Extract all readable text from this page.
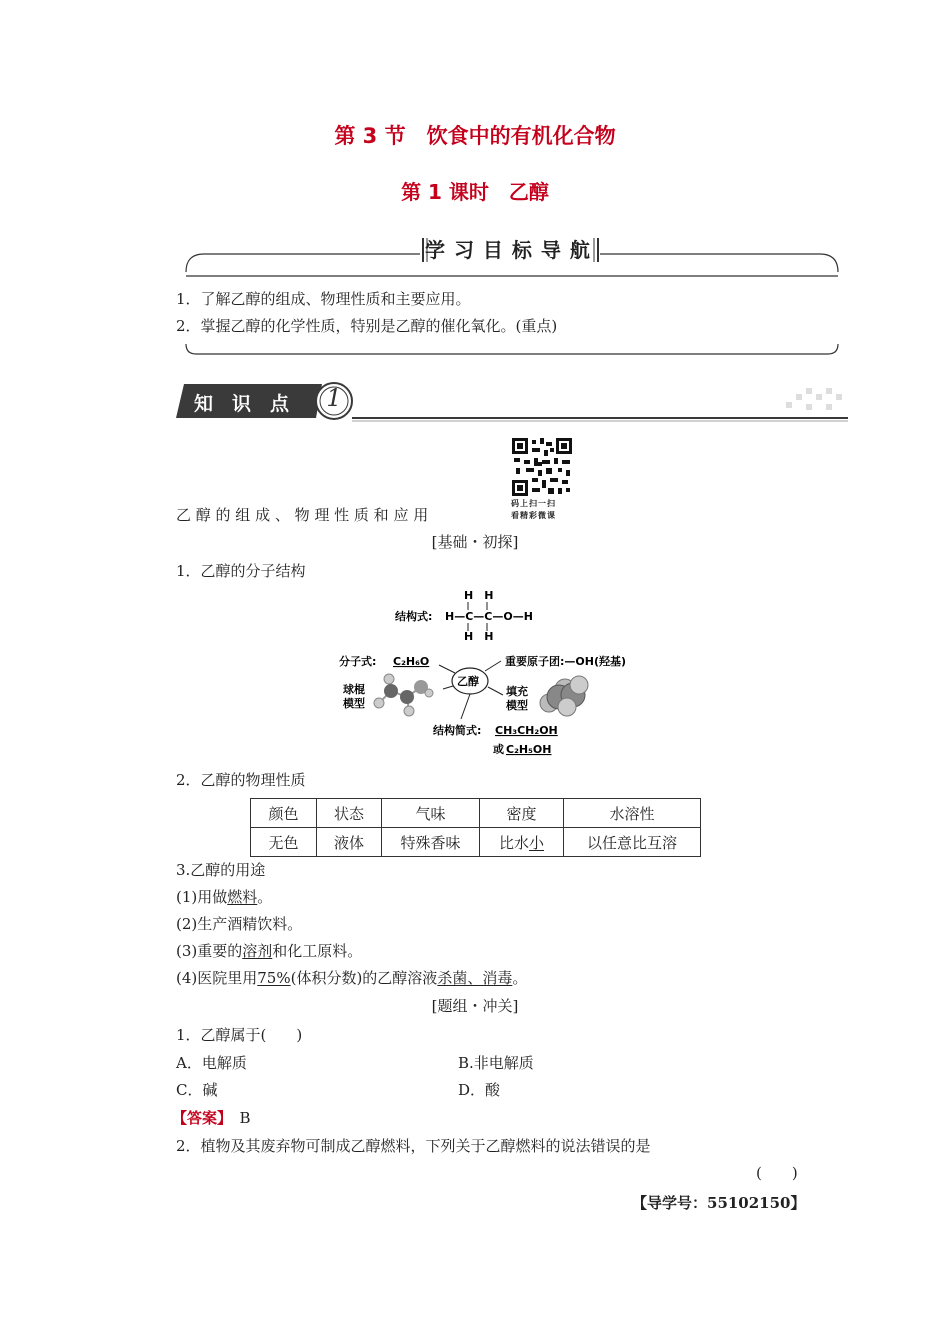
第 3 节　饮食中的有机化合物
第 1 课时　乙醇
学 习 目 标 导 航
1．了解乙醇的组成、物理性质和主要应用。
2．掌握乙醇的化学性质，特别是乙醇的催化氧化。(重点)
知　识　点 1
码上扫一扫
看精彩微课
乙 醇 的 组 成 、 物 理 性 质 和 应 用
[基础・初探]
1．乙醇的分子结构
结构式:
H　H
H—C—C—O—H
H　H
乙醇
分子式: C₂H₆O	重要原子团:—OH(羟基)
球棍
模型
填充
模型
结构简式: CH₃CH₂OH
或 C₂H₅OH
2．乙醇的物理性质
颜色	状态	气味	密度	水溶性
无色	液体	特殊香味	比水小	以任意比互溶
3.乙醇的用途
(1)用做燃料。
(2)生产酒精饮料。
(3)重要的溶剂和化工原料。
(4)医院里用75%(体积分数)的乙醇溶液杀菌、消毒。
[题组・冲关]
1．乙醇属于(　　)
A．电解质	B.非电解质
C．碱	D．酸
【答案】　 B
2．植物及其废弃物可制成乙醇燃料，下列关于乙醇燃料的说法错误的是
(　　)
【导学号：55102150】
